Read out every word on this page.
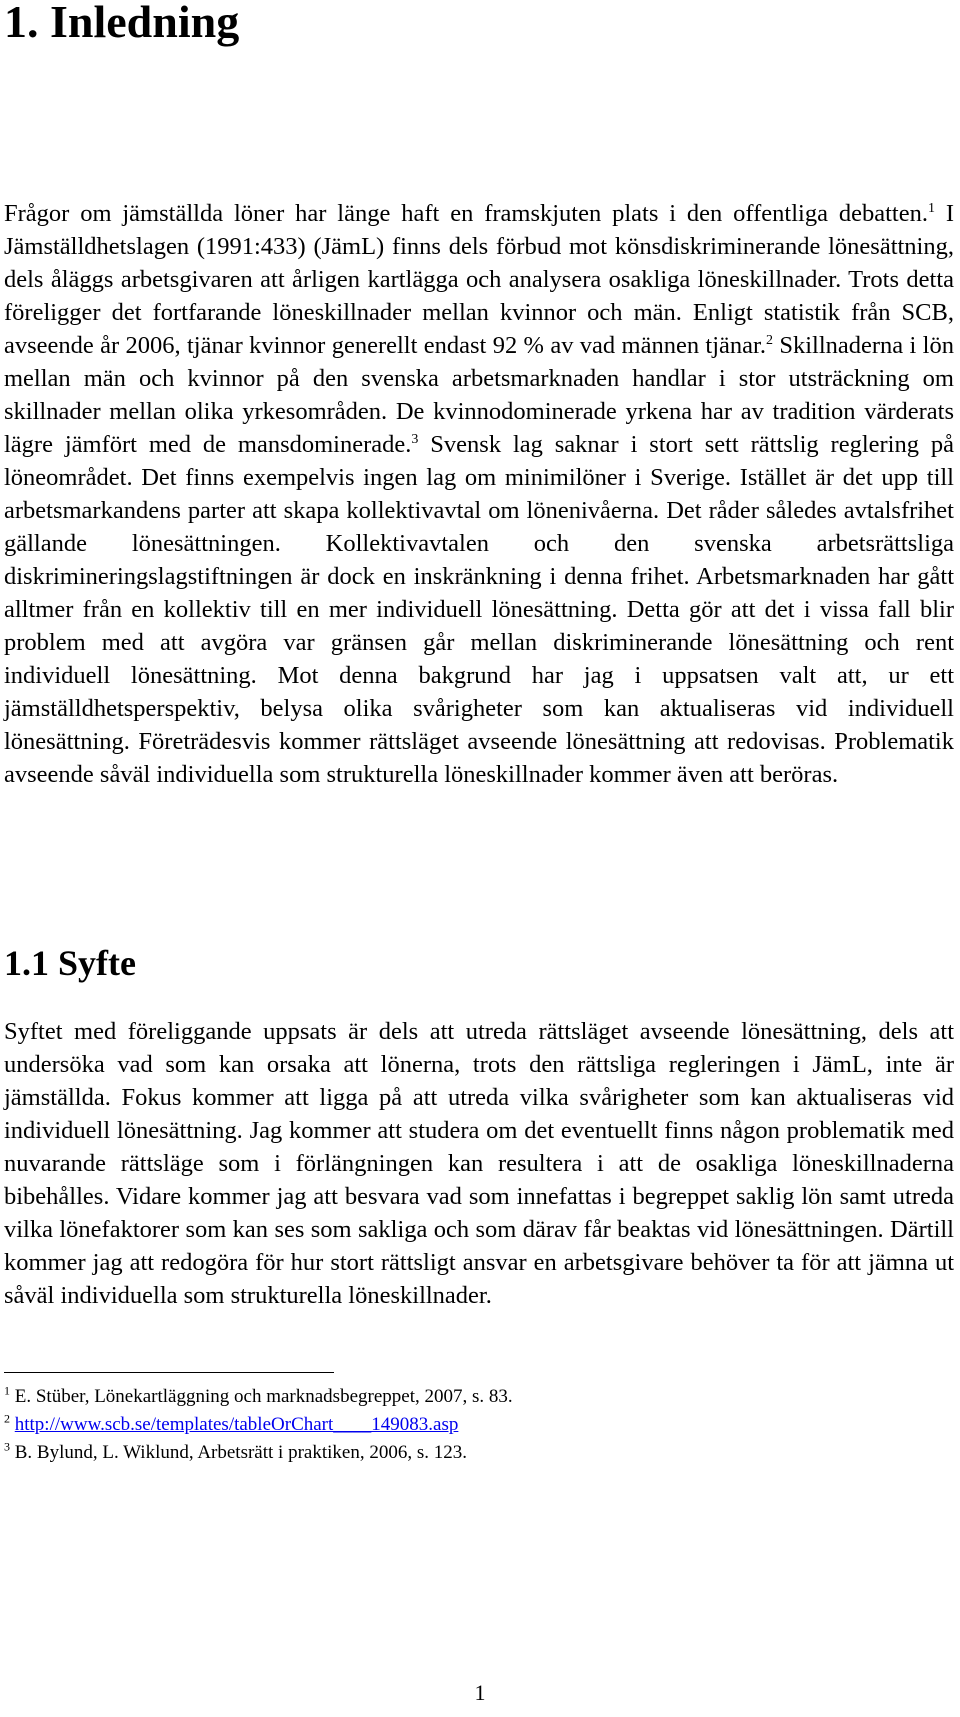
1. Inledning

Frågor om jämställda löner har länge haft en framskjuten plats i den offentliga debatten.$^1$ I Jämställdhetslagen (1991:433) (JämL) finns dels förbud mot könsdiskriminerande lönesättning, dels åläggs arbetsgivaren att årligen kartlägga och analysera osakliga löneskillnader. Trots detta föreligger det fortfarande löneskillnader mellan kvinnor och män. Enligt statistik från SCB, avseende år 2006, tjänar kvinnor generellt endast 92 % av vad männen tjänar.$^2$ Skillnaderna i lön mellan män och kvinnor på den svenska arbetsmarknaden handlar i stor utsträckning om skillnader mellan olika yrkesområden. De kvinnodominerade yrkena har av tradition värderats lägre jämfört med de mansdominerade.$^3$ Svensk lag saknar i stort sett rättslig reglering på löneområdet. Det finns exempelvis ingen lag om minimilöner i Sverige. Istället är det upp till arbetsmarkandens parter att skapa kollektivavtal om lönenivåerna. Det råder således avtalsfrihet gällande lönesättningen. Kollektivavtalen och den svenska arbetsrättsliga diskrimineringslagstiftningen är dock en inskränkning i denna frihet. Arbetsmarknaden har gått alltmer från en kollektiv till en mer individuell lönesättning. Detta gör att det i vissa fall blir problem med att avgöra var gränsen går mellan diskriminerande lönesättning och rent individuell lönesättning. Mot denna bakgrund har jag i uppsatsen valt att, ur ett jämställdhetsperspektiv, belysa olika svårigheter som kan aktualiseras vid individuell lönesättning. Företrädesvis kommer rättsläget avseende lönesättning att redovisas. Problematik avseende såväl individuella som strukturella löneskillnader kommer även att beröras.

1.1 Syfte

Syftet med föreliggande uppsats är dels att utreda rättsläget avseende lönesättning, dels att undersöka vad som kan orsaka att lönerna, trots den rättsliga regleringen i JämL, inte är jämställda. Fokus kommer att ligga på att utreda vilka svårigheter som kan aktualiseras vid individuell lönesättning. Jag kommer att studera om det eventuellt finns någon problematik med nuvarande rättsläge som i förlängningen kan resultera i att de osakliga löneskillnaderna bibehålles. Vidare kommer jag att besvara vad som innefattas i begreppet saklig lön samt utreda vilka lönefaktorer som kan ses som sakliga och som därav får beaktas vid lönesättningen. Därtill kommer jag att redogöra för hur stort rättsligt ansvar en arbetsgivare behöver ta för att jämna ut såväl individuella som strukturella löneskillnader.

$^1$ E. Stüber, Lönekartläggning och marknadsbegreppet, 2007, s. 83.
$^2$ http://www.scb.se/templates/tableOrChart____149083.asp
$^3$ B. Bylund, L. Wiklund, Arbetsrätt i praktiken, 2006, s. 123.
1
